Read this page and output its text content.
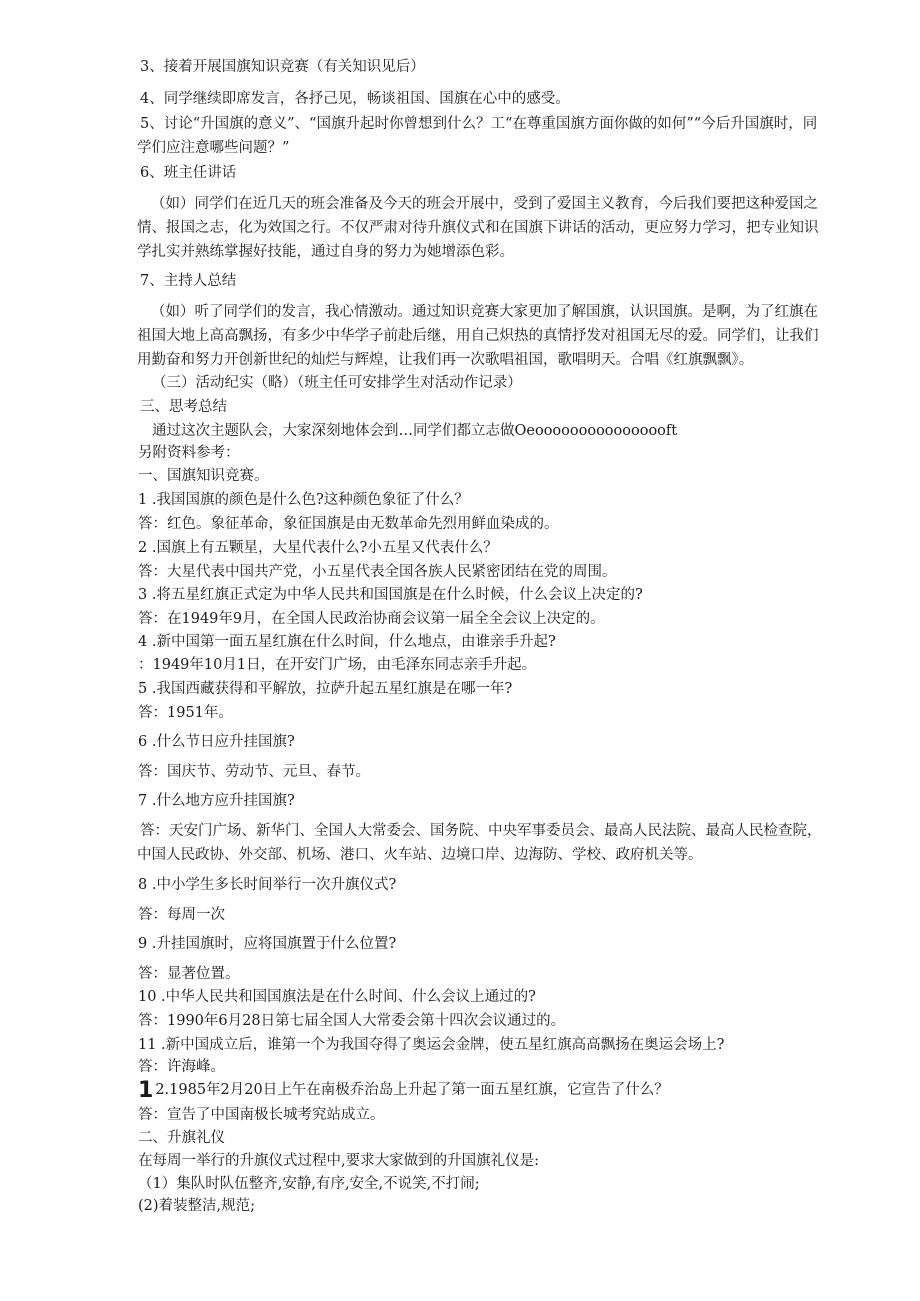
3、接着开展国旗知识竞赛（有关知识见后）
4、同学继续即席发言，各抒己见，畅谈祖国、国旗在心中的感受。
5、讨论“升国旗的意义”、“国旗升起时你曾想到什么？工“在尊重国旗方面你做的如何”“今后升国旗时，同学们应注意哪些问题？”
6、班主任讲话
（如）同学们在近几天的班会准备及今天的班会开展中，受到了爱国主义教育，今后我们要把这种爱国之情、报国之志，化为效国之行。不仅严肃对待升旗仪式和在国旗下讲话的活动，更应努力学习，把专业知识学扎实并熟练掌握好技能，通过自身的努力为她增添色彩。
7、主持人总结
（如）听了同学们的发言，我心情激动。通过知识竞赛大家更加了解国旗，认识国旗。是啊，为了红旗在祖国大地上高高飘扬，有多少中华学子前赴后继，用自己炽热的真情抒发对祖国无尽的爱。同学们，让我们用勤奋和努力开创新世纪的灿烂与辉煌，让我们再一次歌唱祖国，歌唱明天。合唱《红旗飘飘》。
（三）活动纪实（略）（班主任可安排学生对活动作记录）
三、思考总结
通过这次主题队会，大家深刻地体会到…同学们都立志做Oeoooooooooooooooft
另附资料参考：
一、国旗知识竞赛。
1 .我国国旗的颜色是什么色?这种颜色象征了什么？
答：红色。象征革命，象征国旗是由无数革命先烈用鲜血染成的。
2 .国旗上有五颗星，大星代表什么?小五星又代表什么？
答：大星代表中国共产党，小五星代表全国各族人民紧密团结在党的周围。
3 .将五星红旗正式定为中华人民共和国国旗是在什么时候，什么会议上决定的?
答：在1949年9月，在全国人民政治协商会议第一届全全会议上决定的。
4 .新中国第一面五星红旗在什么时间，什么地点，由谁亲手升起?
：1949年10月1日，在开安门广场，由毛泽东同志亲手升起。
5 .我国西藏获得和平解放，拉萨升起五星红旗是在哪一年?
答：1951年。
6 .什么节日应升挂国旗?
答：国庆节、劳动节、元旦、春节。
7 .什么地方应升挂国旗?
答：天安门广场、新华门、全国人大常委会、国务院、中央军事委员会、最高人民法院、最高人民检查院，中国人民政协、外交部、机场、港口、火车站、边境口岸、边海防、学校、政府机关等。
8 .中小学生多长时间举行一次升旗仪式?
答：每周一次
9 .升挂国旗时，应将国旗置于什么位置?
答：显著位置。
10 .中华人民共和国国旗法是在什么时间、什么会议上通过的?
答：1990年6月28日第七届全国人大常委会第十四次会议通过的。
11 .新中国成立后，谁第一个为我国夺得了奥运会金牌，使五星红旗高高飘扬在奥运会场上?
答：许海峰。
1 2.1985年2月20日上午在南极乔治岛上升起了第一面五星红旗，它宣告了什么？
答：宣告了中国南极长城考究站成立。
二、升旗礼仪
在每周一举行的升旗仪式过程中,要求大家做到的升国旗礼仪是:
（1）集队时队伍整齐,安静,有序,安全,不说笑,不打闹;
(2)着装整洁,规范;
